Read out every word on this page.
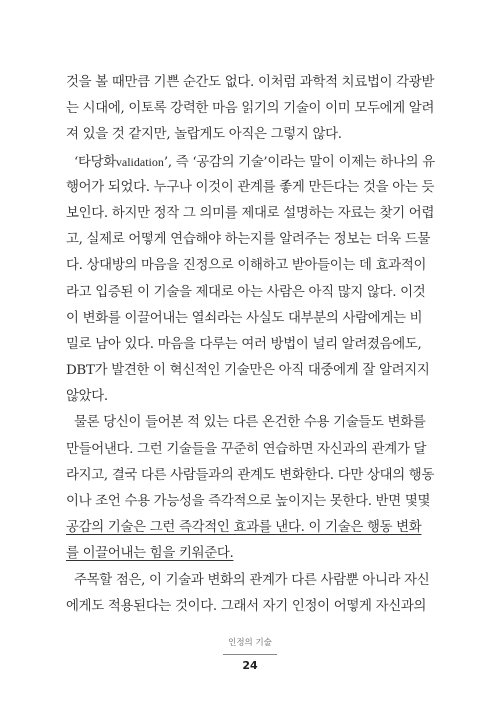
것을 볼 때만큼 기쁜 순간도 없다. 이처럼 과학적 치료법이 각광받
는 시대에, 이토록 강력한 마음 읽기의 기술이 이미 모두에게 알려
져 있을 것 같지만, 놀랍게도 아직은 그렇지 않다.
‘타당화validation’, 즉 ‘공감의 기술’이라는 말이 이제는 하나의 유
행어가 되었다. 누구나 이것이 관계를 좋게 만든다는 것을 아는 듯
보인다. 하지만 정작 그 의미를 제대로 설명하는 자료는 찾기 어렵
고, 실제로 어떻게 연습해야 하는지를 알려주는 정보는 더욱 드물
다. 상대방의 마음을 진정으로 이해하고 받아들이는 데 효과적이
라고 입증된 이 기술을 제대로 아는 사람은 아직 많지 않다. 이것
이 변화를 이끌어내는 열쇠라는 사실도 대부분의 사람에게는 비
밀로 남아 있다. 마음을 다루는 여러 방법이 널리 알려졌음에도,
DBT가 발견한 이 혁신적인 기술만은 아직 대중에게 잘 알려지지
않았다.
물론 당신이 들어본 적 있는 다른 온건한 수용 기술들도 변화를
만들어낸다. 그런 기술들을 꾸준히 연습하면 자신과의 관계가 달
라지고, 결국 다른 사람들과의 관계도 변화한다. 다만 상대의 행동
이나 조언 수용 가능성을 즉각적으로 높이지는 못한다. 반면 몇몇
공감의 기술은 그런 즉각적인 효과를 낸다. 이 기술은 행동 변화
를 이끌어내는 힘을 키워준다.
주목할 점은, 이 기술과 변화의 관계가 다른 사람뿐 아니라 자신
에게도 적용된다는 것이다. 그래서 자기 인정이 어떻게 자신과의
인정의 기술
24
